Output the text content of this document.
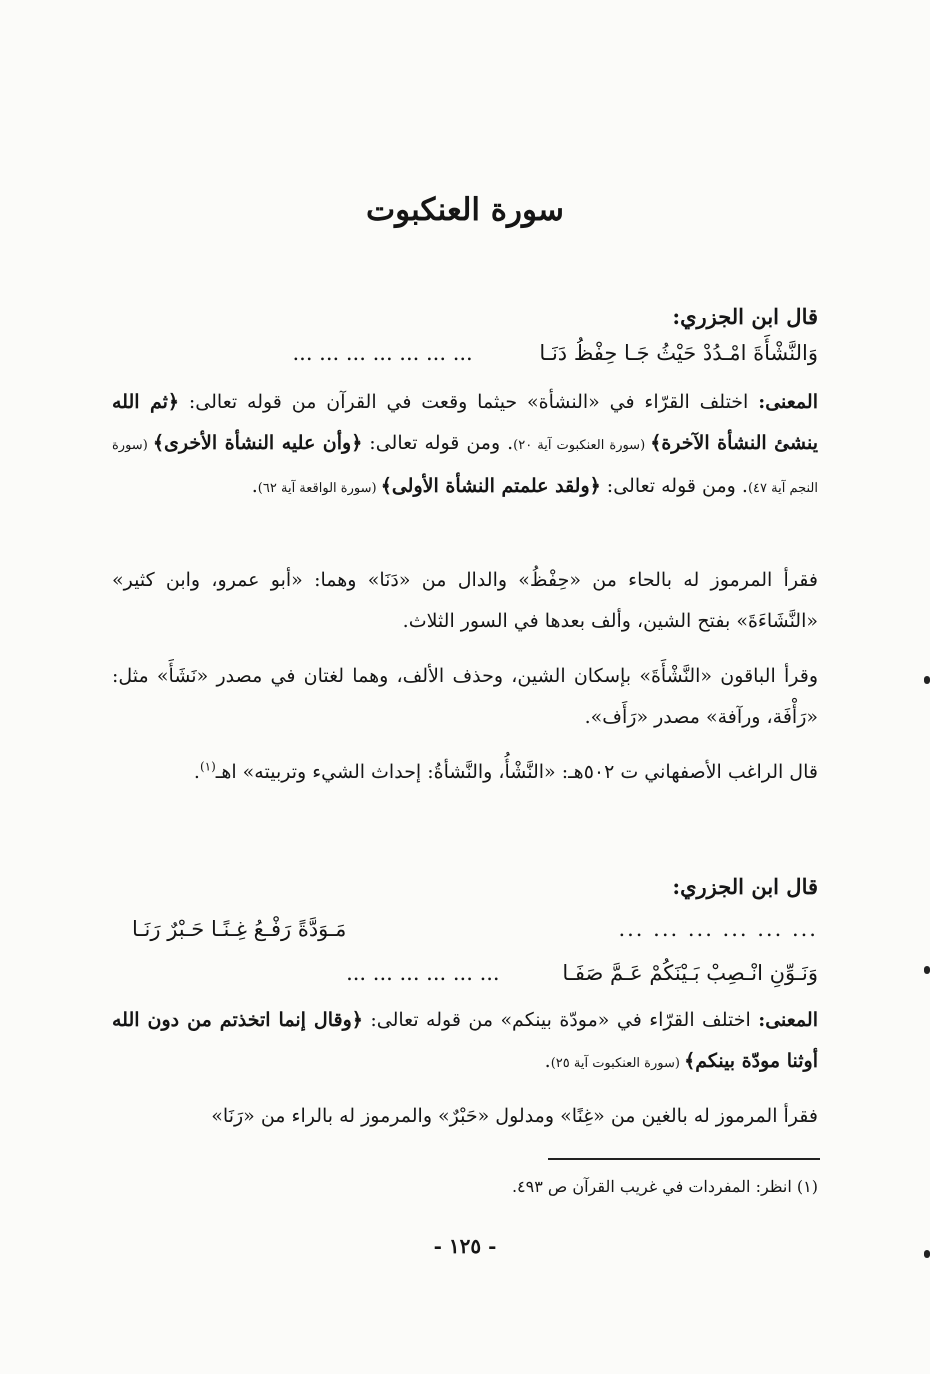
سورة العنكبوت
قال ابن الجزري:
وَالنَّشْأَةَ امْـدُدْ حَيْثُ جَـا حِفْظُ دَنَـا ... ... ... ... ... ... ...
المعنى: اختلف القرّاء في «النشأة» حيثما وقعت في القرآن من قوله تعالى: ﴿ثم الله ينشئ النشأة الآخرة﴾ (سورة العنكبوت آية ٢٠). ومن قوله تعالى: ﴿وأن عليه النشأة الأخرى﴾ (سورة النجم آية ٤٧). ومن قوله تعالى: ﴿ولقد علمتم النشأة الأولى﴾ (سورة الواقعة آية ٦٢).
فقرأ المرموز له بالحاء من «حِفْظُ» والدال من «دَنَا» وهما: «أبو عمرو، وابن كثير» «النَّشَاءَةَ» بفتح الشين، وألف بعدها في السور الثلاث.
وقرأ الباقون «النَّشْأَةَ» بإسكان الشين، وحذف الألف، وهما لغتان في مصدر «نَشَأَ» مثل: «رَأْفَة، ورآفة» مصدر «رَأَف».
قال الراغب الأصفهاني ت ٥٠٢هـ: «النَّشْأُ، والنَّشأةُ: إحداث الشيء وتربيته» اهـ$^{(١)}$.
قال ابن الجزري:
... ... ... ... ... ...
مَـوَدَّةً رَفْـعُ غِـنًـا حَـبْرٌ رَنَـا
وَنَـوِّنِ انْـصِبْ بَـيْنَكُمْ عَـمَّ صَفَـا ... ... ... ... ... ...
المعنى: اختلف القرّاء في «مودّة بينكم» من قوله تعالى: ﴿وقال إنما اتخذتم من دون الله أوثنا مودّة بينكم﴾ (سورة العنكبوت آية ٢٥).
فقرأ المرموز له بالغين من «غِنًا» ومدلول «حَبْرٌ» والمرموز له بالراء من «رَنَا»
(١) انظر: المفردات في غريب القرآن ص ٤٩٣.
- ١٢٥ -
